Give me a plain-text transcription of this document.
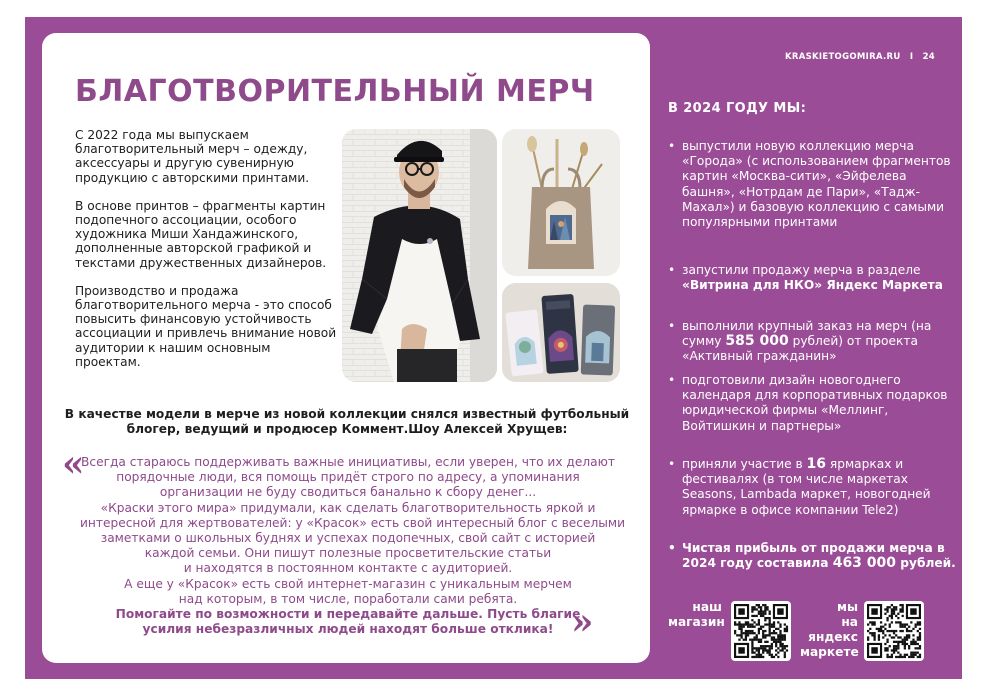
БЛАГОТВОРИТЕЛЬНЫЙ МЕРЧ

С 2022 года мы выпускаем благотворительный мерч – одежду, аксессуары и другую сувенирную продукцию с авторскими принтами.

В основе принтов – фрагменты картин подопечного ассоциации, особого художника Миши Хандажинского, дополненные авторской графикой и текстами дружественных дизайнеров.

Производство и продажа благотворительного мерча - это способ повысить финансовую устойчивость ассоциации и привлечь внимание новой аудитории к нашим основным проектам.

В качестве модели в мерче из новой коллекции снялся известный футбольный блогер, ведущий и продюсер Коммент.Шоу Алексей Хрущев:

«
Всегда стараюсь поддерживать важные инициативы, если уверен, что их делают
порядочные люди, вся помощь придёт строго по адресу, а упоминания
организации не буду сводиться банально к сбору денег...
«Краски этого мира» придумали, как сделать благотворительность яркой и
интересной для жертвователей: у «Красок» есть свой интересный блог с веселыми
заметками о школьных буднях и успехах подопечных, свой сайт с историей
каждой семьи. Они пишут полезные просветительские статьи
и находятся в постоянном контакте с аудиторией.
А еще у «Красок» есть свой интернет-магазин с уникальным мерчем
над которым, в том числе, поработали сами ребята.
Помогайте по возможности и передавайте дальше. Пусть благие
усилия небезразличных людей находят больше отклика! »
KRASKIETOGOMIRA.RU I 24
В 2024 ГОДУ МЫ:
• выпустили новую коллекцию мерча «Города» (с использованием фрагментов картин «Москва-сити», «Эйфелева башня», «Нотрдам де Пари», «Тадж-Махал») и базовую коллекцию с самыми популярными принтами
• запустили продажу мерча в разделе «Витрина для НКО» Яндекс Маркета
• выполнили крупный заказ на мерч (на сумму 585 000 рублей) от проекта «Активный гражданин»
• подготовили дизайн новогоднего календаря для корпоративных подарков юридической фирмы «Меллинг, Войтишкин и партнеры»
• приняли участие в 16 ярмарках и фестивалях (в том числе маркетах Seasons, Lambada маркет, новогодней ярмарке в офисе компании Tele2)
• Чистая прибыль от продажи мерча в 2024 году составила 463 000 рублей.
наш
магазин
мы
на
яндекс
маркете
